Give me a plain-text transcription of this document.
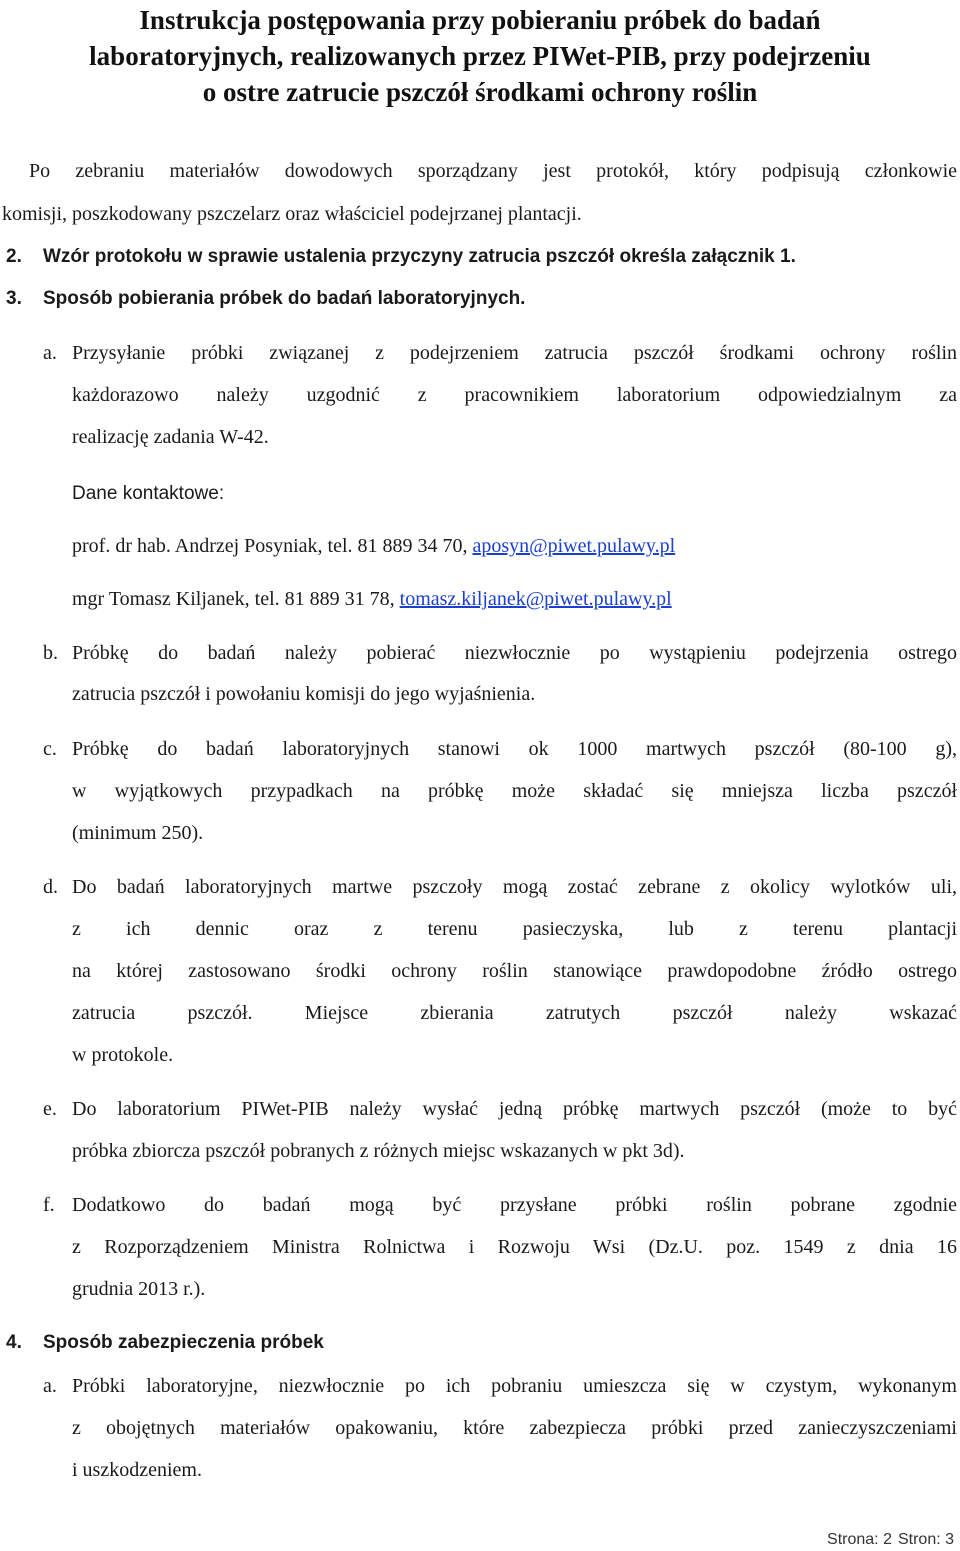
Instrukcja postępowania przy pobieraniu próbek do badań
laboratoryjnych, realizowanych przez PIWet-PIB, przy podejrzeniu
o ostre zatrucie pszczół środkami ochrony roślin
Po zebraniu materiałów dowodowych sporządzany jest protokół, który podpisują członkowie
komisji, poszkodowany pszczelarz oraz właściciel podejrzanej plantacji.
2. Wzór protokołu w sprawie ustalenia przyczyny zatrucia pszczół określa załącznik 1.
3. Sposób pobierania próbek do badań laboratoryjnych.
a. Przysyłanie próbki związanej z podejrzeniem zatrucia pszczół środkami ochrony roślin
każdorazowo należy uzgodnić z pracownikiem laboratorium odpowiedzialnym za
realizację zadania W-42.
Dane kontaktowe:
prof. dr hab. Andrzej Posyniak, tel. 81 889 34 70, aposyn@piwet.pulawy.pl
mgr Tomasz Kiljanek, tel. 81 889 31 78, tomasz.kiljanek@piwet.pulawy.pl
b. Próbkę do badań należy pobierać niezwłocznie po wystąpieniu podejrzenia ostrego
zatrucia pszczół i powołaniu komisji do jego wyjaśnienia.
c. Próbkę do badań laboratoryjnych stanowi ok 1000 martwych pszczół (80-100 g),
w wyjątkowych przypadkach na próbkę może składać się mniejsza liczba pszczół
(minimum 250).
d. Do badań laboratoryjnych martwe pszczoły mogą zostać zebrane z okolicy wylotków uli,
z ich dennic oraz z terenu pasieczyska, lub z terenu plantacji
na której zastosowano środki ochrony roślin stanowiące prawdopodobne źródło ostrego
zatrucia pszczół. Miejsce zbierania zatrutych pszczół należy wskazać
w protokole.
e. Do laboratorium PIWet-PIB należy wysłać jedną próbkę martwych pszczół (może to być
próbka zbiorcza pszczół pobranych z różnych miejsc wskazanych w pkt 3d).
f. Dodatkowo do badań mogą być przysłane próbki roślin pobrane zgodnie
z Rozporządzeniem Ministra Rolnictwa i Rozwoju Wsi (Dz.U. poz. 1549 z dnia 16
grudnia 2013 r.).
4. Sposób zabezpieczenia próbek
a. Próbki laboratoryjne, niezwłocznie po ich pobraniu umieszcza się w czystym, wykonanym
z obojętnych materiałów opakowaniu, które zabezpiecza próbki przed zanieczyszczeniami
i uszkodzeniem.
Strona: 2 Stron: 3
